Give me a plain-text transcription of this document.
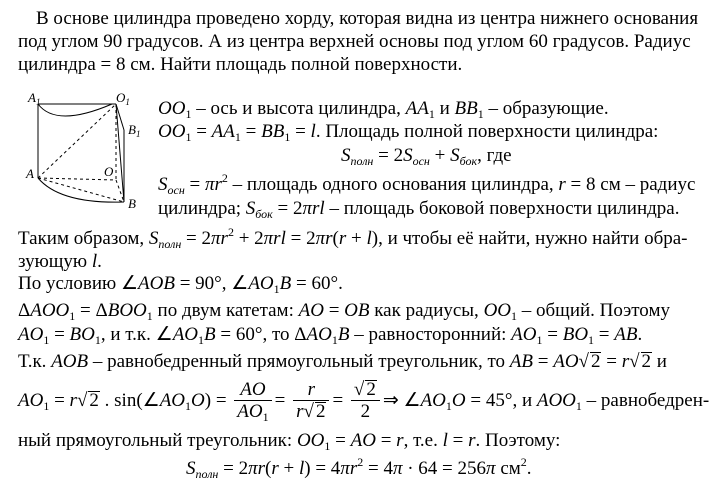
В основе цилиндра проведено хорду, которая видна из центра нижнего основания
под углом 90 градусов. А из центра верхней основы под углом 60 градусов. Радиус
цилиндра = 8 см. Найти площадь полной поверхности.
$A_1$	$O_1$
$B_1$
A	O
B
$OO_1$ – ось и высота цилиндра, $AA_1$ и $BB_1$ – образующие.
$OO_1 = AA_1 = BB_1 = l$. Площадь полной поверхности цилиндра:
$S_{полн} = 2S_{осн} + S_{бок}$, где
$S_{осн} = \pi r^2$ – площадь одного основания цилиндра, r = 8 см – радиус
цилиндра; $S_{бок} = 2\pi rl$ – площадь боковой поверхности цилиндра.
Таким образом, $S_{полн} = 2\pi r^2 + 2\pi rl = 2\pi r(r + l)$, и чтобы её найти, нужно найти обра-
зующую l.
По условию ∠AOB = 90°, $\angle AO_1B = 60^\circ$.
$\Delta AOO_1 = \Delta BOO_1$ по двум катетам: AO = OB как радиусы, $OO_1$ – общий. Поэтому
$AO_1 = BO_1$, и т.к. $\angle AO_1B = 60^\circ$, то $\Delta AO_1B$ – равносторонний: $AO_1 = BO_1$ = AB.
Т.к. AOB – равнобедренный прямоугольный треугольник, то AB = AO√ 2 = r√ 2 и
$AO_1 = r√$ 2 . $\sin(\angle AO_1O) = \frac{AO}{AO_1} = \frac{r}{r√ 2} = \frac{√ 2}{2}$ ⇒ $\angle AO_1O = 45^\circ$, и $AOO_1$ – равнобедрен-
ный прямоугольный треугольник: $OO_1$ = AO = r, т.е. l = r. Поэтому:
$S_{полн} = 2\pi r(r + l) = 4\pi r^2 = 4\pi \cdot 64 = 256\pi$ $см^2$.
